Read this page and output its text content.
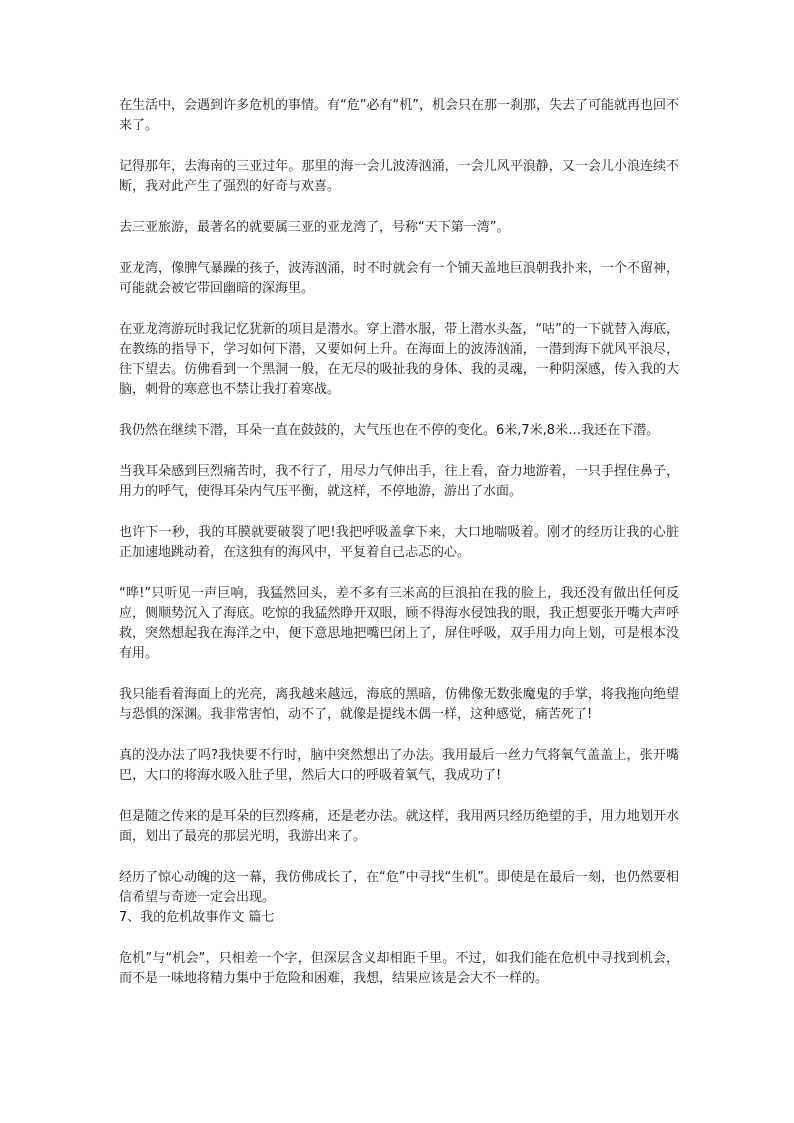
在生活中，会遇到许多危机的事情。有“危”必有“机”，机会只在那一刹那，失去了可能就再也回不来了。

记得那年，去海南的三亚过年。那里的海一会儿波涛汹涌，一会儿风平浪静，又一会儿小浪连续不断，我对此产生了强烈的好奇与欢喜。

去三亚旅游，最著名的就要属三亚的亚龙湾了，号称“天下第一湾”。

亚龙湾，像脾气暴躁的孩子，波涛汹涌，时不时就会有一个铺天盖地巨浪朝我扑来，一个不留神，可能就会被它带回幽暗的深海里。

在亚龙湾游玩时我记忆犹新的项目是潜水。穿上潜水服，带上潜水头盔，“咕”的一下就替入海底，在教练的指导下，学习如何下潜，又要如何上升。在海面上的波涛汹涌，一潜到海下就风平浪尽，往下望去。仿佛看到一个黑洞一般，在无尽的吸扯我的身体、我的灵魂，一种阴深感，传入我的大脑，刺骨的寒意也不禁让我打着寒战。

我仍然在继续下潜，耳朵一直在鼓鼓的，大气压也在不停的变化。6米,7米,8米…我还在下潜。

当我耳朵感到巨烈痛苦时，我不行了，用尽力气伸出手，往上看，奋力地游着，一只手捏住鼻子，用力的呼气，使得耳朵内气压平衡，就这样，不停地游，游出了水面。

也许下一秒，我的耳膜就要破裂了吧!我把呼吸盖拿下来，大口地喘吸着。刚才的经历让我的心脏正加速地跳动着，在这独有的海风中，平复着自己忐忑的心。

“哗!”只听见一声巨响，我猛然回头，差不多有三米高的巨浪拍在我的脸上，我还没有做出任何反应，侧顺势沉入了海底。吃惊的我猛然睁开双眼，顾不得海水侵蚀我的眼，我正想要张开嘴大声呼救，突然想起我在海洋之中，便下意思地把嘴巴闭上了，屏住呼吸，双手用力向上划，可是根本没有用。

我只能看着海面上的光亮，离我越来越远，海底的黑暗，仿佛像无数张魔鬼的手掌，将我拖向绝望与恐惧的深渊。我非常害怕，动不了，就像是提线木偶一样，这种感觉，痛苦死了!

真的没办法了吗?我快要不行时，脑中突然想出了办法。我用最后一丝力气将氧气盖盖上，张开嘴巴，大口的将海水吸入肚子里，然后大口的呼吸着氧气，我成功了!

但是随之传来的是耳朵的巨烈疼痛，还是老办法。就这样，我用两只经历绝望的手，用力地划开水面，划出了最亮的那层光明，我游出来了。

经历了惊心动魄的这一幕，我仿佛成长了，在“危”中寻找“生机”。即使是在最后一刻，也仍然要相信希望与奇迹一定会出现。

7、我的危机故事作文 篇七

危机”与“机会”，只相差一个字，但深层含义却相距千里。不过，如我们能在危机中寻找到机会，而不是一味地将精力集中于危险和困难，我想，结果应该是会大不一样的。
